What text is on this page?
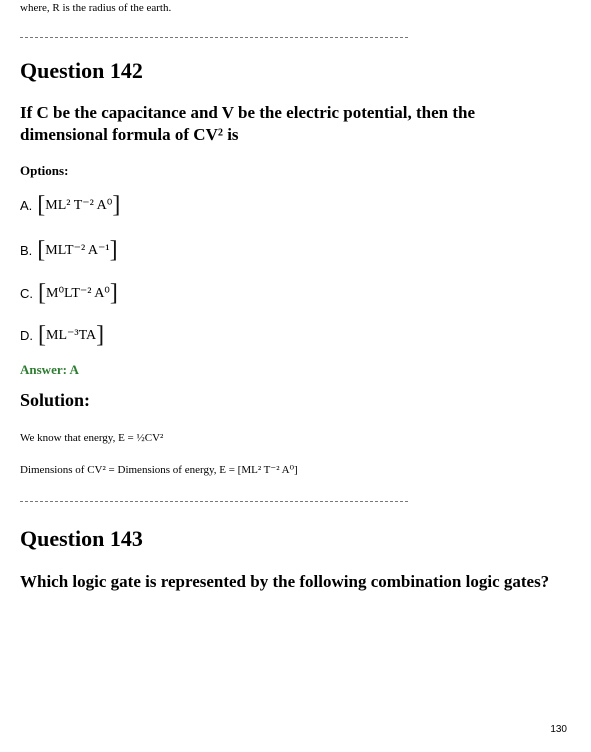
where, R is the radius of the earth.
Question 142
If C be the capacitance and V be the electric potential, then the dimensional formula of CV² is
Options:
A. [ ML² T⁻² A⁰ ]
B. [ MLT⁻² A⁻¹ ]
C. [ M⁰LT⁻² A⁰ ]
D. [ ML⁻³TA ]
Answer: A
Solution:
We know that energy, E = ½CV²
Dimensions of CV² = Dimensions of energy, E = [ML² T⁻² A⁰]
Question 143
Which logic gate is represented by the following combination logic gates?
130
